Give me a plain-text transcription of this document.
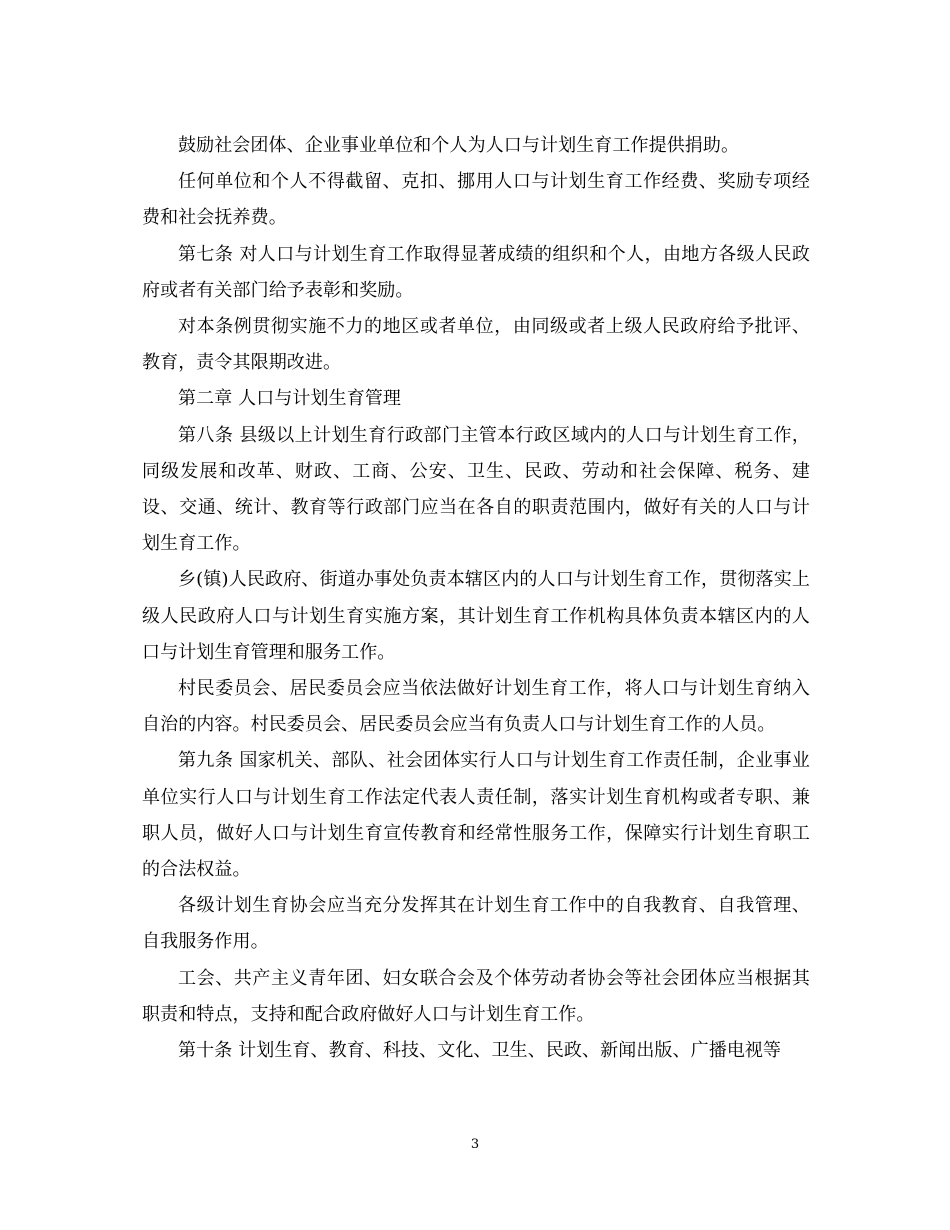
鼓励社会团体、企业事业单位和个人为人口与计划生育工作提供捐助。

任何单位和个人不得截留、克扣、挪用人口与计划生育工作经费、奖励专项经费和社会抚养费。

第七条 对人口与计划生育工作取得显著成绩的组织和个人，由地方各级人民政府或者有关部门给予表彰和奖励。

对本条例贯彻实施不力的地区或者单位，由同级或者上级人民政府给予批评、教育，责令其限期改进。

第二章 人口与计划生育管理

第八条 县级以上计划生育行政部门主管本行政区域内的人口与计划生育工作，同级发展和改革、财政、工商、公安、卫生、民政、劳动和社会保障、税务、建设、交通、统计、教育等行政部门应当在各自的职责范围内，做好有关的人口与计划生育工作。

乡(镇)人民政府、街道办事处负责本辖区内的人口与计划生育工作，贯彻落实上级人民政府人口与计划生育实施方案，其计划生育工作机构具体负责本辖区内的人口与计划生育管理和服务工作。

村民委员会、居民委员会应当依法做好计划生育工作，将人口与计划生育纳入自治的内容。村民委员会、居民委员会应当有负责人口与计划生育工作的人员。

第九条 国家机关、部队、社会团体实行人口与计划生育工作责任制，企业事业单位实行人口与计划生育工作法定代表人责任制，落实计划生育机构或者专职、兼职人员，做好人口与计划生育宣传教育和经常性服务工作，保障实行计划生育职工的合法权益。

各级计划生育协会应当充分发挥其在计划生育工作中的自我教育、自我管理、自我服务作用。

工会、共产主义青年团、妇女联合会及个体劳动者协会等社会团体应当根据其职责和特点，支持和配合政府做好人口与计划生育工作。

第十条 计划生育、教育、科技、文化、卫生、民政、新闻出版、广播电视等

3
